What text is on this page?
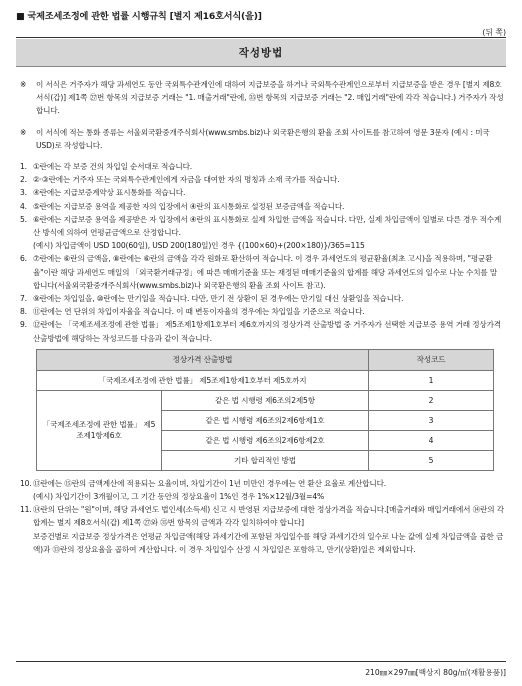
■ 국제조세조정에 관한 법률 시행규칙 [별지 제16호서식(을)]
(뒤 쪽)
작성방법
※ 이 서식은 거주자가 해당 과세연도 동안 국외특수관계인에 대하여 지급보증을 하거나 국외특수관계인으로부터 지급보증을 받은 경우 [별지 제8호서식(갑)] 제1쪽 ㉗번 항목의 지급보증 거래는 "1. 매출거래"란에, ㉟번 항목의 지급보증 거래는 "2. 매입거래"란에 각각 적습니다.) 거주자가 작성합니다.
※ 이 서식에 적는 통화 종류는 서울외국환중개주식회사(www.smbs.biz)나 외국환은행의 환율 조회 사이트를 참고하여 영문 3문자 (예시 : 미국 USD)로 작성합니다.
1. ①란에는 각 보증 건의 차입일 순서대로 적습니다.
2. ②·③란에는 거주자 또는 국외특수관계인에게 자금을 대여한 자의 명칭과 소재 국가를 적습니다.
3. ④란에는 지급보증계약상 표시통화를 적습니다.
4. ⑤란에는 지급보증 용역을 제공한 자의 입장에서 ④란의 표시통화로 설정된 보증금액을 적습니다.
5. ⑥란에는 지급보증 용역을 제공받은 자 입장에서 ④란의 표시통화로 실제 차입한 금액을 적습니다. 다만, 실제 차입금액이 일별로 다른 경우 적수계산 방식에 의하여 연평균금액으로 산정합니다.
(예시) 차입금액이 USD 100(60일), USD 200(180일)인 경우 {(100×60)+(200×180)}/365=115
6. ⑦란에는 ⑥란의 금액을, ⑧란에는 ⑥란의 금액을 각각 원화로 환산하여 적습니다. 이 경우 과세연도의 평균환율(최초 고시)을 적용하며, "평균환율"이란 해당 과세연도 매일의 「외국환거래규정」에 따른 매매기준율 또는 재정된 매매기준율의 합계를 해당 과세연도의 일수로 나눈 수치를 말합니다(서울외국환중개주식회사(www.smbs.biz)나 외국환은행의 환율 조회 사이트 참고).
7. ⑨란에는 차입일을, ⑩란에는 만기일을 적습니다. 다만, 만기 전 상환이 된 경우에는 만기일 대신 상환일을 적습니다.
8. ⑪란에는 연 단위의 차입이자율을 적습니다. 이 때 변동이자율의 경우에는 차입일을 기준으로 적습니다.
9. ⑫란에는 「국제조세조정에 관한 법률」 제5조제1항제1호부터 제6호까지의 정상가격 산출방법 중 거주자가 선택한 지급보증 용역 거래 정상가격 산출방법에 해당하는 작성코드를 다음과 같이 적습니다.
정상가격 산출방법		작성코드
「국제조세조정에 관한 법률」 제5조제1항제1호부터 제5호까지		1
「국제조세조정에 관한 법률」 제5조제1항제6호	같은 법 시행령 제6조의2제5항	2
	같은 법 시행령 제6조의2제6항제1호	3
	같은 법 시행령 제6조의2제6항제2호	4
	기타 합리적인 방법	5
10. ⑬란에는 ⑮란의 금액계산에 적용되는 요율이며, 차입기간이 1년 미만인 경우에는 연 환산 요율로 계산합니다.
(예시) 차입기간이 3개월이고, 그 기간 동안의 정상요율이 1%인 경우 1%×12월/3월=4%
11. ⑭란의 단위는 "원"이며, 해당 과세연도 법인세(소득세) 신고 시 반영된 지급보증에 대한 정상가격을 적습니다.[매출거래와 매입거래에서 ⑭란의 각 합계는 별지 제8호서식(갑) 제1쪽 ㉗와 ㉟번 항목의 금액과 각각 일치하여야 합니다]
보증건별로 지급보증 정상가격은 연평균 차입금액(해당 과세기간에 포함된 차입일수를 해당 과세기간의 일수로 나눈 값에 실제 차입금액을 곱한 금액)과 ⑬란의 정상요율을 곱하여 계산합니다. 이 경우 차입일수 산정 시 차입일은 포함하고, 만기(상환)일은 제외합니다.
210㎜×297㎜[백상지 80g/㎡(재활용품)]
